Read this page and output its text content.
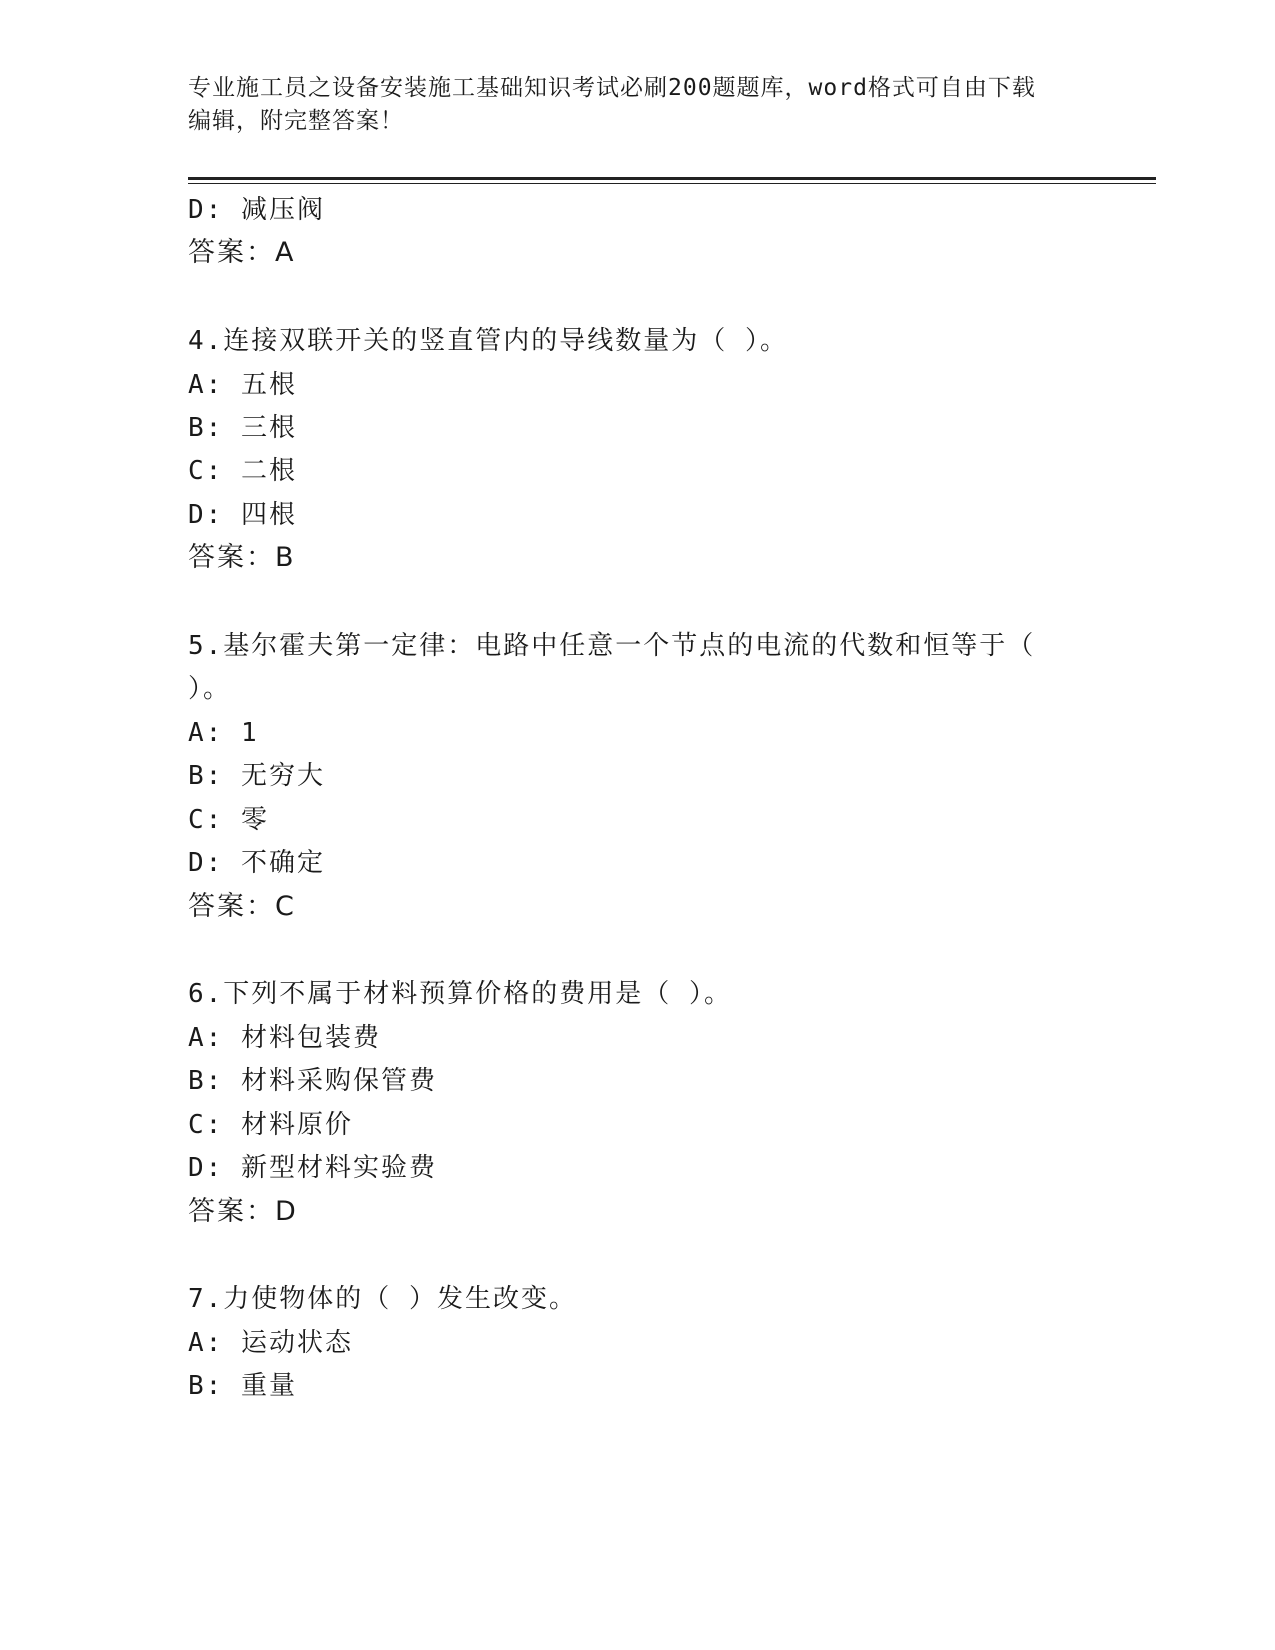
专业施工员之设备安装施工基础知识考试必刷200题题库，word格式可自由下载
编辑，附完整答案！
D: 减压阀
答案：A
4.连接双联开关的竖直管内的导线数量为（ ）。
A: 五根
B: 三根
C: 二根
D: 四根
答案：B
5.基尔霍夫第一定律：电路中任意一个节点的电流的代数和恒等于（
）。
A: 1
B: 无穷大
C: 零
D: 不确定
答案：C
6.下列不属于材料预算价格的费用是（ ）。
A: 材料包装费
B: 材料采购保管费
C: 材料原价
D: 新型材料实验费
答案：D
7.力使物体的（ ）发生改变。
A: 运动状态
B: 重量
